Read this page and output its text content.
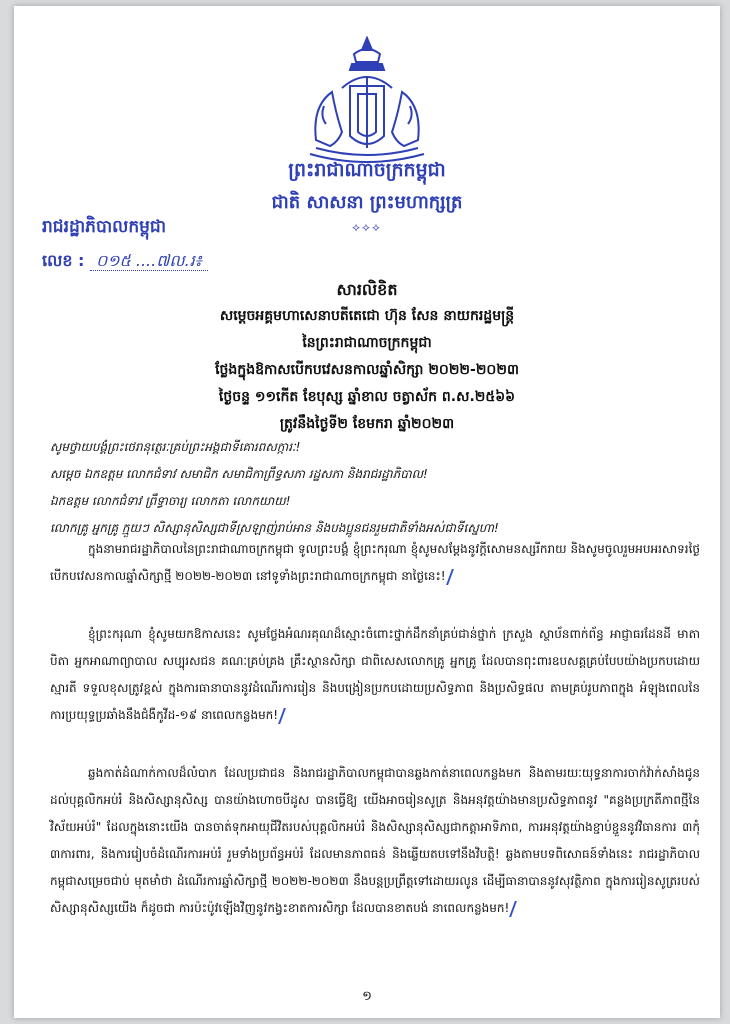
ព្រះរាជាណាចក្រកម្ពុជា
ជាតិ សាសនា ព្រះមហាក្សត្រ
⟡⟡⟡
រាជរដ្ឋាភិបាលកម្ពុជា
លេខ : ០១៥ ....៧ល.រ៖
សារលិខិត
សម្ដេចអគ្គមហាសេនាបតីតេជោ ហ៊ុន សែន នាយករដ្ឋមន្រ្តី
នៃព្រះរាជាណាចក្រកម្ពុជា
ថ្លែងក្នុងឱកាសបើកបវេសនកាលឆ្នាំសិក្សា ២០២២-២០២៣
ថ្ងៃចន្ទ ១១កើត ខែបុស្ស ឆ្នាំខាល ចត្វាស័ក ព.ស.២៥៦៦
ត្រូវនឹងថ្ងៃទី២ ខែមករា ឆ្នាំ២០២៣
សូមថ្វាយបង្គំព្រះថេរានុត្ថេរៈគ្រប់ព្រះអង្គជាទីគោរពសក្ការៈ!
សម្ដេច ឯកឧត្តម លោកជំទាវ សមាជិក សមាជិកាព្រឹទ្ធសភា រដ្ឋសភា និងរាជរដ្ឋាភិបាល!
ឯកឧត្តម លោកជំទាវ ព្រឹទ្ធាចារ្យ លោកតា លោកយាយ!
លោកគ្រូ អ្នកគ្រូ ក្មួយៗ សិស្សានុសិស្សជាទីស្រឡាញ់រាប់អាន និងបងប្អូនជនរួមជាតិទាំងអស់ជាទីស្នេហា!

ក្នុងនាមរាជរដ្ឋាភិបាលនៃព្រះរាជាណាចក្រកម្ពុជា ទូលព្រះបង្គំ ខ្ញុំព្រះករុណា ខ្ញុំសូមសម្ដែងនូវក្ដីសោមនស្សរីករាយ និងសូមចូលរួមអបអរសាទរថ្ងៃបើកបវេសនកាលឆ្នាំសិក្សាថ្មី ២០២២-២០២៣ នៅទូទាំងព្រះរាជាណាចក្រកម្ពុជា នាថ្ងៃនេះ!

ខ្ញុំព្រះករុណា ខ្ញុំសូមយកឱកាសនេះ សូមថ្លែងអំណរគុណដ៏ស្មោះចំពោះថ្នាក់ដឹកនាំគ្រប់ជាន់ថ្នាក់ ក្រសួង ស្ថាប័នពាក់ព័ន្ធ អាជ្ញាធរដែនដី មាតាបិតា អ្នកអាណាព្យាបាល សប្បុរសជន គណៈគ្រប់គ្រង គ្រឹះស្ថានសិក្សា ជាពិសេសលោកគ្រូ អ្នកគ្រូ ដែលបានពុះពារឧបសគ្គគ្រប់បែបយ៉ាងប្រកបដោយស្មារតី ទទួលខុសត្រូវខ្ពស់ ក្នុងការធានាបាននូវដំណើរការរៀន និងបង្រៀនប្រកបដោយប្រសិទ្ធភាព និងប្រសិទ្ធផល តាមគ្រប់រូបភាពក្នុង អំឡុងពេលនៃការប្រយុទ្ធប្រឆាំងនឹងជំងឺកូវីដ-១៩ នាពេលកន្លងមក!

ឆ្លងកាត់ដំណាក់កាលដ៏លំបាក ដែលប្រជាជន និងរាជរដ្ឋាភិបាលកម្ពុជាបានឆ្លងកាត់នាពេលកន្លងមក និងតាមរយៈយុទ្ធនាការចាក់វ៉ាក់សាំងជូនដល់បុគ្គលិកអប់រំ និងសិស្សានុសិស្ស បានយ៉ាងហោចបីដូស បានធ្វើឱ្យ យើងអាចរៀនសូត្រ និងអនុវត្តយ៉ាងមានប្រសិទ្ធភាពនូវ "គន្លងប្រក្រតីភាពថ្មីនៃវិស័យអប់រំ" ដែលក្នុងនោះយើង បានចាត់ទុកអាយុជីវិតរបស់បុគ្គលិកអប់រំ និងសិស្សានុសិស្សជាកត្តាអាទិភាព, ការអនុវត្តយ៉ាងខ្ជាប់ខ្ជួននូវវិធានការ ៣កុំ ៣ការពារ, និងការរៀបចំដំណើរការអប់រំ រួមទាំងប្រព័ន្ធអប់រំ ដែលមានភាពធន់ និងឆ្លើយតបទៅនឹងវិបត្តិ! ឆ្លងតាមបទពិសោធន៍ទាំងនេះ រាជរដ្ឋាភិបាលកម្ពុជាសម្រេចជាប់ មុតមាំថា ដំណើរការឆ្នាំសិក្សាថ្មី ២០២២-២០២៣ នឹងបន្តប្រព្រឹត្តទៅដោយរលូន ដើម្បីធានាបាននូវសុវត្ថិភាព ក្នុងការរៀនសូត្ររបស់សិស្សានុសិស្សយើង ក៏ដូចជា ការប៉ះប៉ូវឡើងវិញនូវកង្វះខាតការសិក្សា ដែលបានខាតបង់ នាពេលកន្លងមក!

១
